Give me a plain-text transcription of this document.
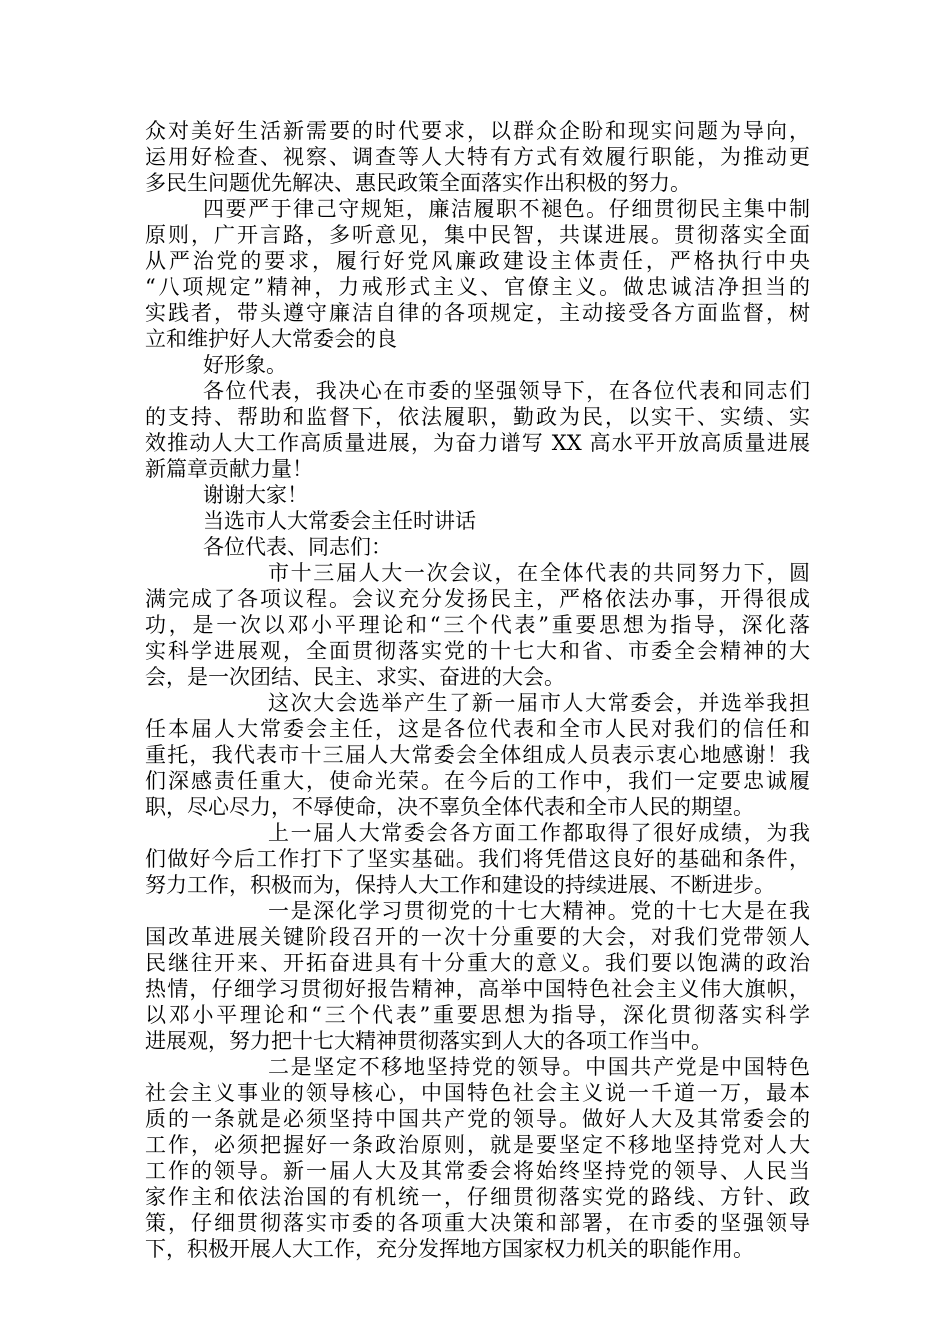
众对美好生活新需要的时代要求，以群众企盼和现实问题为导向，

运用好检查、视察、调查等人大特有方式有效履行职能，为推动更

多民生问题优先解决、惠民政策全面落实作出积极的努力。

四要严于律己守规矩，廉洁履职不褪色。仔细贯彻民主集中制

原则，广开言路，多听意见，集中民智，共谋进展。贯彻落实全面

从严治党的要求，履行好党风廉政建设主体责任，严格执行中央

“八项规定”精神，力戒形式主义、官僚主义。做忠诚洁净担当的

实践者，带头遵守廉洁自律的各项规定，主动接受各方面监督，树

立和维护好人大常委会的良

好形象。

各位代表，我决心在市委的坚强领导下，在各位代表和同志们

的支持、帮助和监督下，依法履职，勤政为民，以实干、实绩、实

效推动人大工作高质量进展，为奋力谱写 XX 高水平开放高质量进展

新篇章贡献力量！

谢谢大家！

当选市人大常委会主任时讲话

各位代表、同志们：

市十三届人大一次会议，在全体代表的共同努力下，圆

满完成了各项议程。会议充分发扬民主，严格依法办事，开得很成

功，是一次以邓小平理论和“三个代表”重要思想为指导，深化落

实科学进展观，全面贯彻落实党的十七大和省、市委全会精神的大

会，是一次团结、民主、求实、奋进的大会。

这次大会选举产生了新一届市人大常委会，并选举我担

任本届人大常委会主任，这是各位代表和全市人民对我们的信任和

重托，我代表市十三届人大常委会全体组成人员表示衷心地感谢！我

们深感责任重大，使命光荣。在今后的工作中，我们一定要忠诚履

职，尽心尽力，不辱使命，决不辜负全体代表和全市人民的期望。

上一届人大常委会各方面工作都取得了很好成绩，为我

们做好今后工作打下了坚实基础。我们将凭借这良好的基础和条件，

努力工作，积极而为，保持人大工作和建设的持续进展、不断进步。

一是深化学习贯彻党的十七大精神。党的十七大是在我

国改革进展关键阶段召开的一次十分重要的大会，对我们党带领人

民继往开来、开拓奋进具有十分重大的意义。我们要以饱满的政治

热情，仔细学习贯彻好报告精神，高举中国特色社会主义伟大旗帜，

以邓小平理论和“三个代表”重要思想为指导，深化贯彻落实科学

进展观，努力把十七大精神贯彻落实到人大的各项工作当中。

二是坚定不移地坚持党的领导。中国共产党是中国特色

社会主义事业的领导核心，中国特色社会主义说一千道一万，最本

质的一条就是必须坚持中国共产党的领导。做好人大及其常委会的

工作，必须把握好一条政治原则，就是要坚定不移地坚持党对人大

工作的领导。新一届人大及其常委会将始终坚持党的领导、人民当

家作主和依法治国的有机统一，仔细贯彻落实党的路线、方针、政

策，仔细贯彻落实市委的各项重大决策和部署，在市委的坚强领导

下，积极开展人大工作，充分发挥地方国家权力机关的职能作用。
